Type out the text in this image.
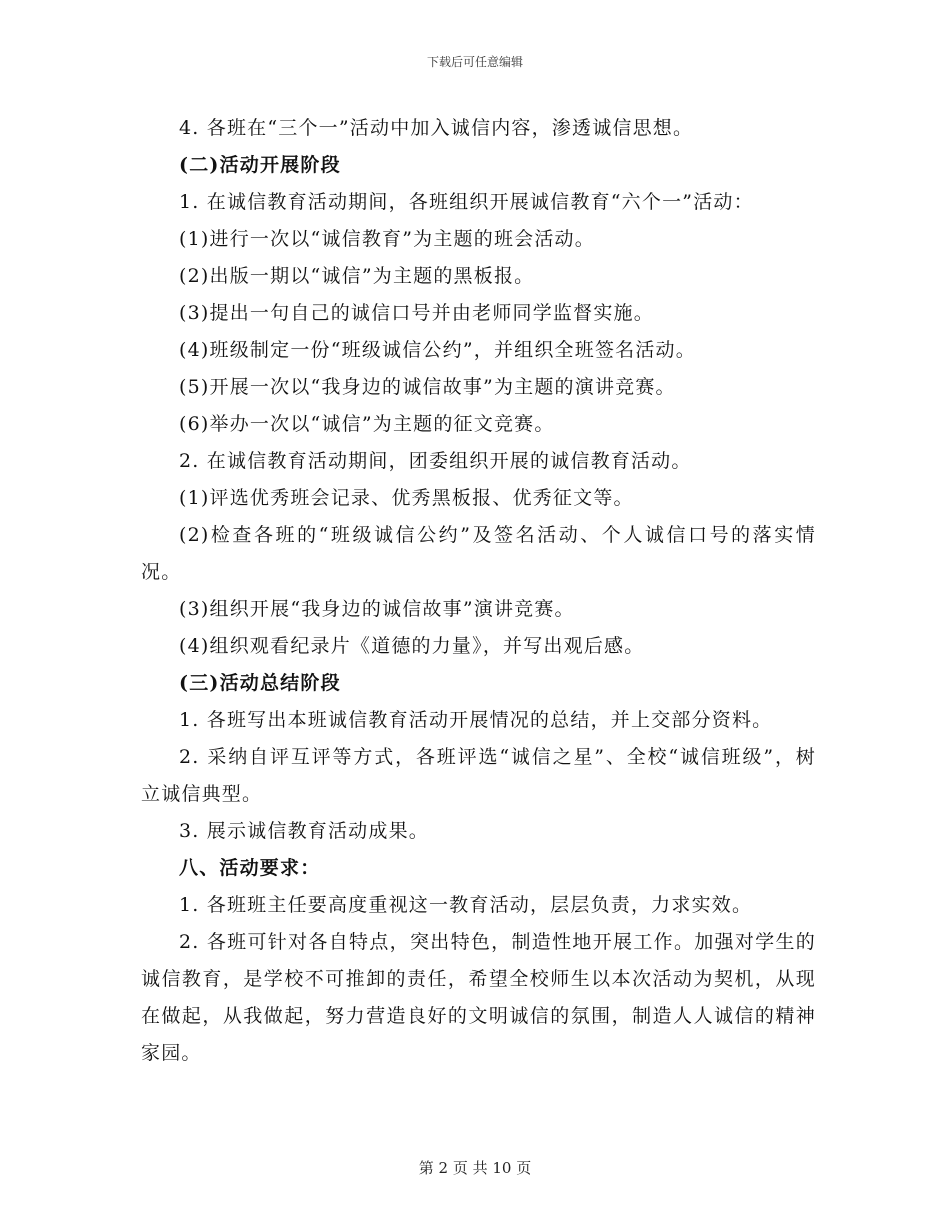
下载后可任意编辑

4. 各班在“三个一”活动中加入诚信内容，渗透诚信思想。

(二)活动开展阶段

1. 在诚信教育活动期间，各班组织开展诚信教育“六个一”活动：

(1)进行一次以“诚信教育”为主题的班会活动。

(2)出版一期以“诚信”为主题的黑板报。

(3)提出一句自己的诚信口号并由老师同学监督实施。

(4)班级制定一份“班级诚信公约”，并组织全班签名活动。

(5)开展一次以“我身边的诚信故事”为主题的演讲竞赛。

(6)举办一次以“诚信”为主题的征文竞赛。

2. 在诚信教育活动期间，团委组织开展的诚信教育活动。

(1)评选优秀班会记录、优秀黑板报、优秀征文等。

(2)检查各班的“班级诚信公约”及签名活动、个人诚信口号的落实情况。

(3)组织开展“我身边的诚信故事”演讲竞赛。

(4)组织观看纪录片《道德的力量》，并写出观后感。

(三)活动总结阶段

1. 各班写出本班诚信教育活动开展情况的总结，并上交部分资料。

2. 采纳自评互评等方式，各班评选“诚信之星”、全校“诚信班级”，树立诚信典型。

3. 展示诚信教育活动成果。

八、活动要求：

1. 各班班主任要高度重视这一教育活动，层层负责，力求实效。

2. 各班可针对各自特点，突出特色，制造性地开展工作。加强对学生的诚信教育，是学校不可推卸的责任，希望全校师生以本次活动为契机，从现在做起，从我做起，努力营造良好的文明诚信的氛围，制造人人诚信的精神家园。

第 2 页 共 10 页
